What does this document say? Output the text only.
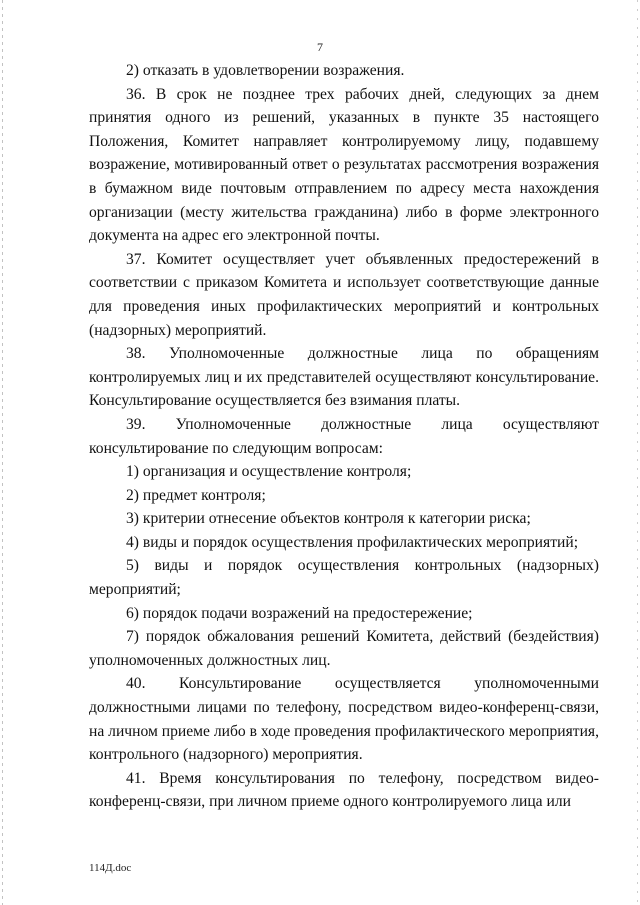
7

2) отказать в удовлетворении возражения.

36. В срок не позднее трех рабочих дней, следующих за днем принятия одного из решений, указанных в пункте 35 настоящего Положения, Комитет направляет контролируемому лицу, подавшему возражение, мотивированный ответ о результатах рассмотрения возражения в бумажном виде почтовым отправлением по адресу места нахождения организации (месту жительства гражданина) либо в форме электронного документа на адрес его электронной почты.

37. Комитет осуществляет учет объявленных предостережений в соответствии с приказом Комитета и использует соответствующие данные для проведения иных профилактических мероприятий и контрольных (надзорных) мероприятий.

38. Уполномоченные должностные лица по обращениям контролируемых лиц и их представителей осуществляют консультирование. Консультирование осуществляется без взимания платы.

39. Уполномоченные должностные лица осуществляют консультирование по следующим вопросам:

1) организация и осуществление контроля;

2) предмет контроля;

3) критерии отнесение объектов контроля к категории риска;

4) виды и порядок осуществления профилактических мероприятий;

5) виды и порядок осуществления контрольных (надзорных) мероприятий;

6) порядок подачи возражений на предостережение;

7) порядок обжалования решений Комитета, действий (бездействия) уполномоченных должностных лиц.

40. Консультирование осуществляется уполномоченными должностными лицами по телефону, посредством видео-конференц-связи, на личном приеме либо в ходе проведения профилактического мероприятия, контрольного (надзорного) мероприятия.

41. Время консультирования по телефону, посредством видео-конференц-связи, при личном приеме одного контролируемого лица или

114Д.doc
